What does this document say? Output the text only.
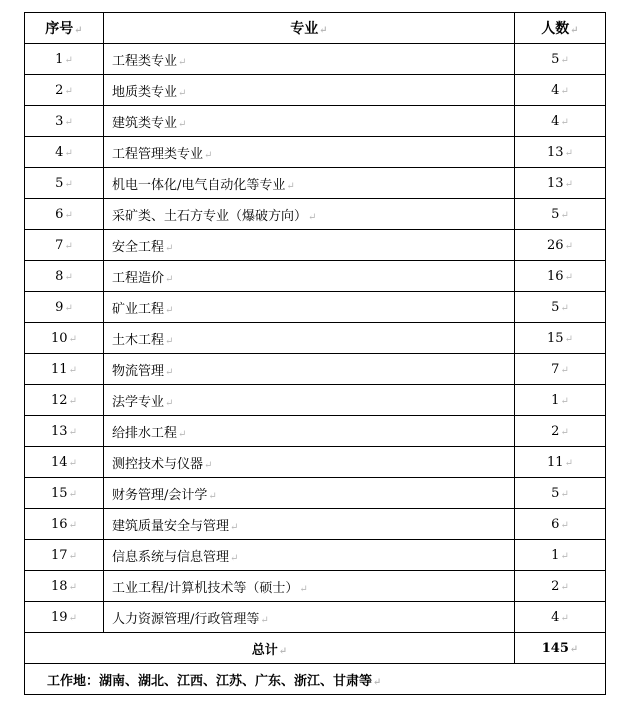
序号↵	专业↵	人数↵
1↵	工程类专业↵	5↵
2↵	地质类专业↵	4↵
3↵	建筑类专业↵	4↵
4↵	工程管理类专业↵	13↵
5↵	机电一体化/电气自动化等专业↵	13↵
6↵	采矿类、土石方专业（爆破方向）↵	5↵
7↵	安全工程↵	26↵
8↵	工程造价↵	16↵
9↵	矿业工程↵	5↵
10↵	土木工程↵	15↵
11↵	物流管理↵	7↵
12↵	法学专业↵	1↵
13↵	给排水工程↵	2↵
14↵	测控技术与仪器↵	11↵
15↵	财务管理/会计学↵	5↵
16↵	建筑质量安全与管理↵	6↵
17↵	信息系统与信息管理↵	1↵
18↵	工业工程/计算机技术等（硕士）↵	2↵
19↵	人力资源管理/行政管理等↵	4↵
总计↵		145↵
工作地：湖南、湖北、江西、江苏、广东、浙江、甘肃等↵		
